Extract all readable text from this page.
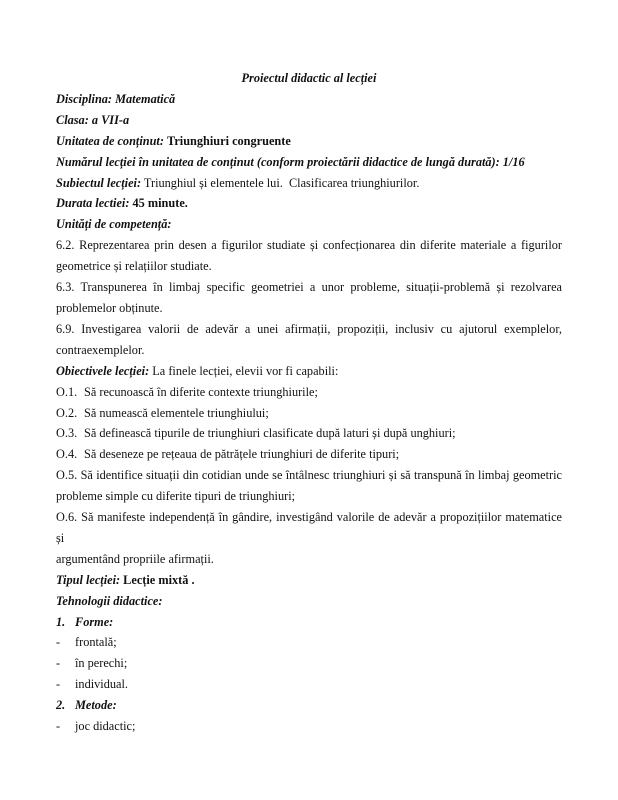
Proiectul didactic al lecției
Disciplina: Matematică
Clasa: a VII-a
Unitatea de conținut: Triunghiuri congruente
Numărul lecției în unitatea de conținut (conform proiectării didactice de lungă durată): 1/16
Subiectul lecției: Triunghiul și elementele lui.  Clasificarea triunghiurilor.
Durata lectiei: 45 minute.
Unități de competență:
6.2. Reprezentarea prin desen a figurilor studiate și confecționarea din diferite materiale a figurilor
geometrice și relațiilor studiate.
6.3. Transpunerea în limbaj specific geometriei a unor probleme, situații-problemă și rezolvarea
problemelor obținute.
6.9. Investigarea valorii de adevăr a unei afirmații, propoziții, inclusiv cu ajutorul exemplelor,
contraexemplelor.
Obiectivele lecției: La finele lecției, elevii vor fi capabili:
O.1. Să recunoască în diferite contexte triunghiurile;
O.2. Să numească elementele triunghiului;
O.3. Să definească tipurile de triunghiuri clasificate după laturi și după unghiuri;
O.4. Să deseneze pe rețeaua de pătrățele triunghiuri de diferite tipuri;
O.5. Să identifice situații din cotidian unde se întâlnesc triunghiuri și să transpună în limbaj geometric
probleme simple cu diferite tipuri de triunghiuri;
O.6. Să manifeste independență în gândire, investigând valorile de adevăr a propozițiilor matematice și
argumentând propriile afirmații.
Tipul lecției: Lecție mixtă .
Tehnologii didactice:
1. Forme:
- frontală;
- în perechi;
- individual.
2. Metode:
- joc didactic;
